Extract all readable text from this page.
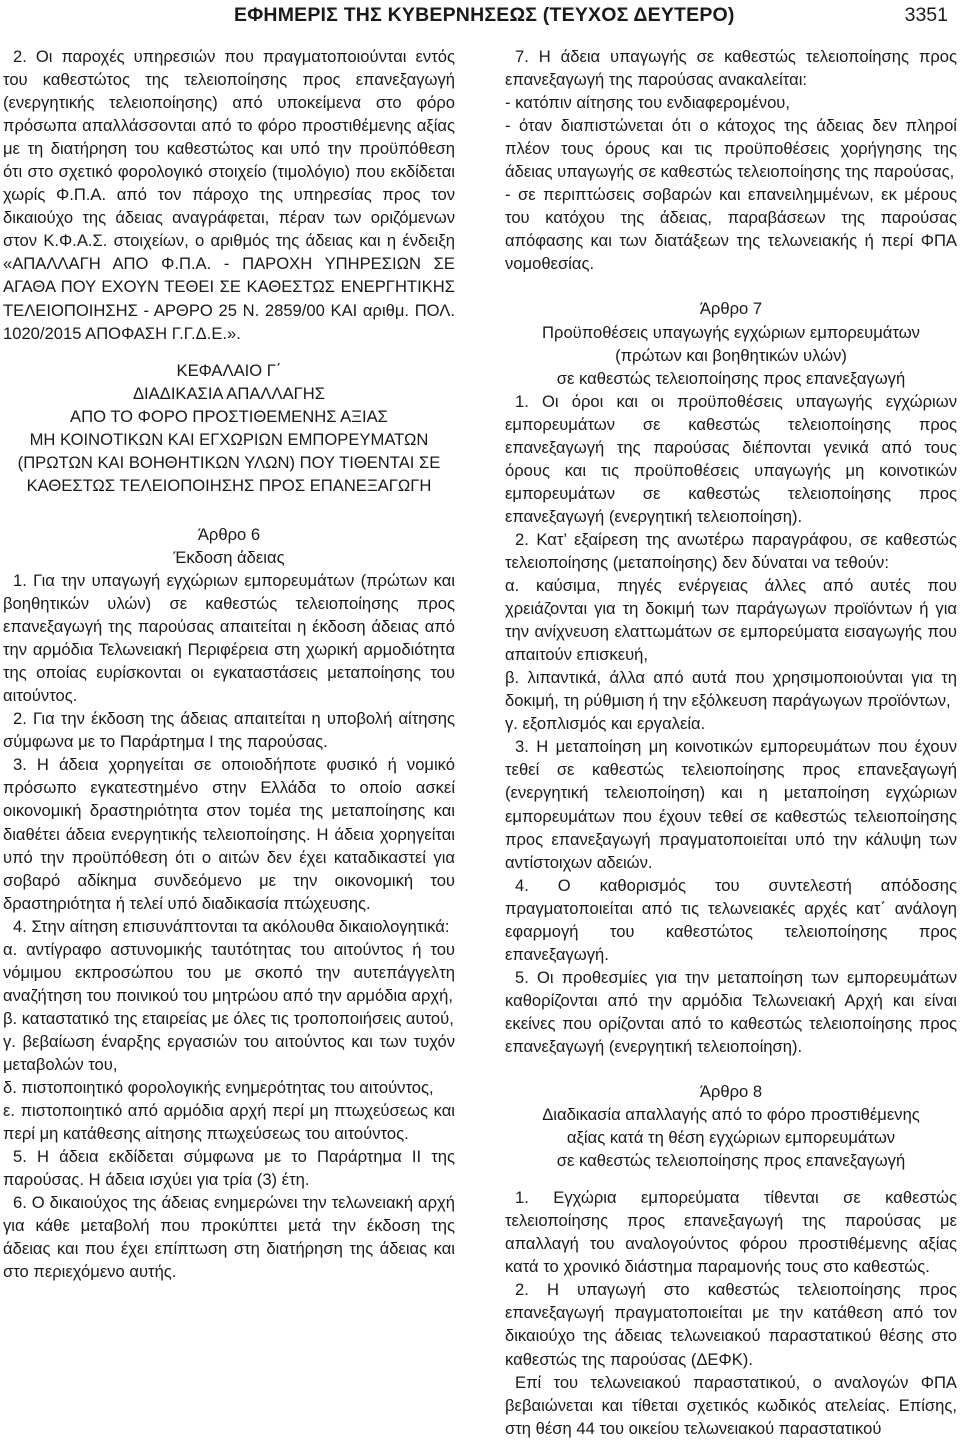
ΕΦΗΜΕΡΙΣ ΤΗΣ ΚΥΒΕΡΝΗΣΕΩΣ (ΤΕΥΧΟΣ ΔΕΥΤΕΡΟ)	3351

2. Οι παροχές υπηρεσιών που πραγματοποιούνται εντός του καθεστώτος της τελειοποίησης προς επανεξαγωγή (ενεργητικής τελειοποίησης) από υποκείμενα στο φόρο πρόσωπα απαλλάσσονται από το φόρο προστιθέμενης αξίας με τη διατήρηση του καθεστώτος και υπό την προϋπόθεση ότι στο σχετικό φορολογικό στοιχείο (τιμολόγιο) που εκδίδεται χωρίς Φ.Π.Α. από τον πάροχο της υπηρεσίας προς τον δικαιούχο της άδειας αναγράφεται, πέραν των οριζόμενων στον Κ.Φ.Α.Σ. στοιχείων, ο αριθμός της άδειας και η ένδειξη «ΑΠΑΛΛΑΓΗ ΑΠΟ Φ.Π.Α. - ΠΑΡΟΧΗ ΥΠΗΡΕΣΙΩΝ ΣΕ ΑΓΑΘΑ ΠΟΥ ΕΧΟΥΝ ΤΕΘΕΙ ΣΕ ΚΑΘΕΣΤΩΣ ΕΝΕΡΓΗΤΙΚΗΣ ΤΕΛΕΙΟΠΟΙΗΣΗΣ - ΑΡΘΡΟ 25 Ν. 2859/00 ΚΑΙ αριθμ. ΠΟΛ. 1020/2015 ΑΠΟΦΑΣΗ Γ.Γ.Δ.Ε.».

ΚΕΦΑΛΑΙΟ Γ΄

ΔΙΑΔΙΚΑΣΙΑ ΑΠΑΛΛΑΓΗΣ

ΑΠΟ ΤΟ ΦΟΡΟ ΠΡΟΣΤΙΘΕΜΕΝΗΣ ΑΞΙΑΣ

ΜΗ ΚΟΙΝΟΤΙΚΩΝ ΚΑΙ ΕΓΧΩΡΙΩΝ ΕΜΠΟΡΕΥΜΑΤΩΝ

(ΠΡΩΤΩΝ ΚΑΙ ΒΟΗΘΗΤΙΚΩΝ ΥΛΩΝ) ΠΟΥ ΤΙΘΕΝΤΑΙ ΣΕ

ΚΑΘΕΣΤΩΣ ΤΕΛΕΙΟΠΟΙΗΣΗΣ ΠΡΟΣ ΕΠΑΝΕΞΑΓΩΓΗ

Άρθρο 6

Έκδοση άδειας

1. Για την υπαγωγή εγχώριων εμπορευμάτων (πρώτων και βοηθητικών υλών) σε καθεστώς τελειοποίησης προς επανεξαγωγή της παρούσας απαιτείται η έκδοση άδειας από την αρμόδια Τελωνειακή Περιφέρεια στη χωρική αρμοδιότητα της οποίας ευρίσκονται οι εγκαταστάσεις μεταποίησης του αιτούντος.

2. Για την έκδοση της άδειας απαιτείται η υποβολή αίτησης σύμφωνα με το Παράρτημα Ι της παρούσας.

3. Η άδεια χορηγείται σε οποιοδήποτε φυσικό ή νομικό πρόσωπο εγκατεστημένο στην Ελλάδα το οποίο ασκεί οικονομική δραστηριότητα στον τομέα της μεταποίησης και διαθέτει άδεια ενεργητικής τελειοποίησης. Η άδεια χορηγείται υπό την προϋπόθεση ότι ο αιτών δεν έχει καταδικαστεί για σοβαρό αδίκημα συνδεόμενο με την οικονομική του δραστηριότητα ή τελεί υπό διαδικασία πτώχευσης.

4. Στην αίτηση επισυνάπτονται τα ακόλουθα δικαιολογητικά:

α. αντίγραφο αστυνομικής ταυτότητας του αιτούντος ή του νόμιμου εκπροσώπου του με σκοπό την αυτεπάγγελτη αναζήτηση του ποινικού του μητρώου από την αρμόδια αρχή,

β. καταστατικό της εταιρείας με όλες τις τροποποιήσεις αυτού,

γ. βεβαίωση έναρξης εργασιών του αιτούντος και των τυχόν μεταβολών του,

δ. πιστοποιητικό φορολογικής ενημερότητας του αιτούντος,

ε. πιστοποιητικό από αρμόδια αρχή περί μη πτωχεύσεως και περί μη κατάθεσης αίτησης πτωχεύσεως του αιτούντος.

5. Η άδεια εκδίδεται σύμφωνα με το Παράρτημα ΙΙ της παρούσας. Η άδεια ισχύει για τρία (3) έτη.

6. Ο δικαιούχος της άδειας ενημερώνει την τελωνειακή αρχή για κάθε μεταβολή που προκύπτει μετά την έκδοση της άδειας και που έχει επίπτωση στη διατήρηση της άδειας και στο περιεχόμενο αυτής.

7. Η άδεια υπαγωγής σε καθεστώς τελειοποίησης προς επανεξαγωγή της παρούσας ανακαλείται:

- κατόπιν αίτησης του ενδιαφερομένου,

- όταν διαπιστώνεται ότι ο κάτοχος της άδειας δεν πληροί πλέον τους όρους και τις προϋποθέσεις χορήγησης της άδειας υπαγωγής σε καθεστώς τελειοποίησης της παρούσας,

- σε περιπτώσεις σοβαρών και επανειλημμένων, εκ μέρους του κατόχου της άδειας, παραβάσεων της παρούσας απόφασης και των διατάξεων της τελωνειακής ή περί ΦΠΑ νομοθεσίας.

Άρθρο 7

Προϋποθέσεις υπαγωγής εγχώριων εμπορευμάτων

(πρώτων και βοηθητικών υλών)

σε καθεστώς τελειοποίησης προς επανεξαγωγή

1. Οι όροι και οι προϋποθέσεις υπαγωγής εγχώριων εμπορευμάτων σε καθεστώς τελειοποίησης προς επανεξαγωγή της παρούσας διέπονται γενικά από τους όρους και τις προϋποθέσεις υπαγωγής μη κοινοτικών εμπορευμάτων σε καθεστώς τελειοποίησης προς επανεξαγωγή (ενεργητική τελειοποίηση).

2. Κατ’ εξαίρεση της ανωτέρω παραγράφου, σε καθεστώς τελειοποίησης (μεταποίησης) δεν δύναται να τεθούν:

α. καύσιμα, πηγές ενέργειας άλλες από αυτές που χρειάζονται για τη δοκιμή των παράγωγων προϊόντων ή για την ανίχνευση ελαττωμάτων σε εμπορεύματα εισαγωγής που απαιτούν επισκευή,

β. λιπαντικά, άλλα από αυτά που χρησιμοποιούνται για τη δοκιμή, τη ρύθμιση ή την εξόλκευση παράγωγων προϊόντων,

γ. εξοπλισμός και εργαλεία.

3. Η μεταποίηση μη κοινοτικών εμπορευμάτων που έχουν τεθεί σε καθεστώς τελειοποίησης προς επανεξαγωγή (ενεργητική τελειοποίηση) και η μεταποίηση εγχώριων εμπορευμάτων που έχουν τεθεί σε καθεστώς τελειοποίησης προς επανεξαγωγή πραγματοποιείται υπό την κάλυψη των αντίστοιχων αδειών.

4. Ο καθορισμός του συντελεστή απόδοσης πραγματοποιείται από τις τελωνειακές αρχές κατ΄ ανάλογη εφαρμογή του καθεστώτος τελειοποίησης προς επανεξαγωγή.

5. Οι προθεσμίες για την μεταποίηση των εμπορευμάτων καθορίζονται από την αρμόδια Τελωνειακή Αρχή και είναι εκείνες που ορίζονται από το καθεστώς τελειοποίησης προς επανεξαγωγή (ενεργητική τελειοποίηση).

Άρθρο 8

Διαδικασία απαλλαγής από το φόρο προστιθέμενης

αξίας κατά τη θέση εγχώριων εμπορευμάτων

σε καθεστώς τελειοποίησης προς επανεξαγωγή

1. Εγχώρια εμπορεύματα τίθενται σε καθεστώς τελειοποίησης προς επανεξαγωγή της παρούσας με απαλλαγή του αναλογούντος φόρου προστιθέμενης αξίας κατά το χρονικό διάστημα παραμονής τους στο καθεστώς.

2. Η υπαγωγή στο καθεστώς τελειοποίησης προς επανεξαγωγή πραγματοποιείται με την κατάθεση από τον δικαιούχο της άδειας τελωνειακού παραστατικού θέσης στο καθεστώς της παρούσας (ΔΕΦΚ).

Επί του τελωνειακού παραστατικού, ο αναλογών ΦΠΑ βεβαιώνεται και τίθεται σχετικός κωδικός ατελείας. Επίσης, στη θέση 44 του οικείου τελωνειακού παραστατικού
